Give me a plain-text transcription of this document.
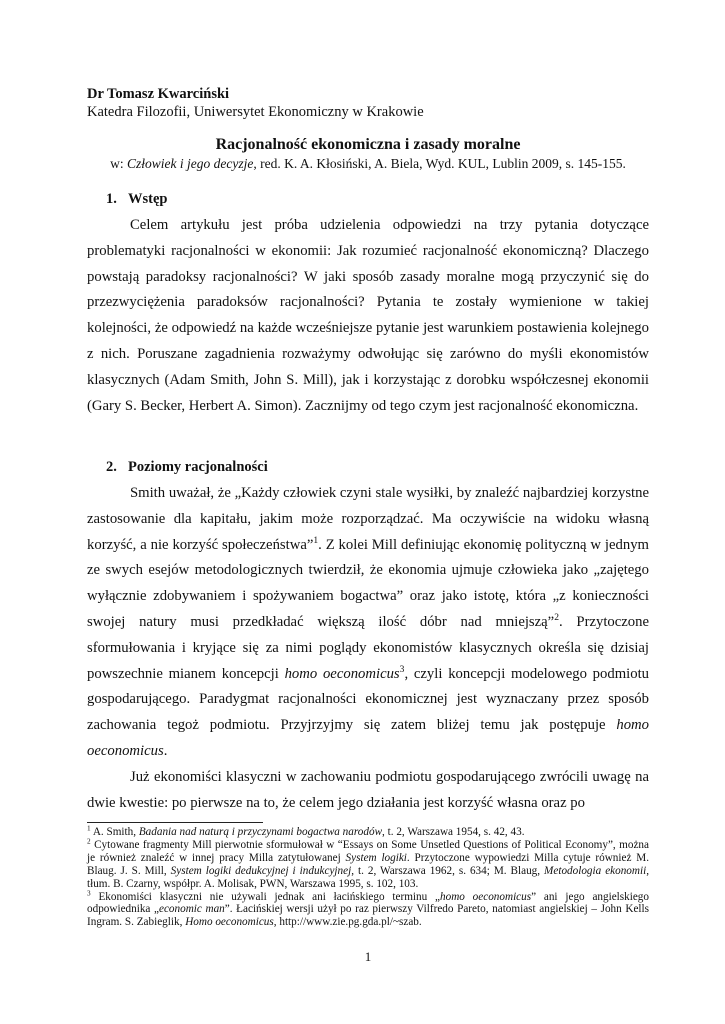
Dr Tomasz Kwarciński
Katedra Filozofii, Uniwersytet Ekonomiczny w Krakowie
Racjonalność ekonomiczna i zasady moralne
w: Człowiek i jego decyzje, red. K. A. Kłosiński, A. Biela, Wyd. KUL, Lublin 2009, s. 145-155.
1. Wstęp

Celem artykułu jest próba udzielenia odpowiedzi na trzy pytania dotyczące problematyki racjonalności w ekonomii: Jak rozumieć racjonalność ekonomiczną? Dlaczego powstają paradoksy racjonalności? W jaki sposób zasady moralne mogą przyczynić się do przezwyciężenia paradoksów racjonalności? Pytania te zostały wymienione w takiej kolejności, że odpowiedź na każde wcześniejsze pytanie jest warunkiem postawienia kolejnego z nich. Poruszane zagadnienia rozważymy odwołując się zarówno do myśli ekonomistów klasycznych (Adam Smith, John S. Mill), jak i korzystając z dorobku współczesnej ekonomii (Gary S. Becker, Herbert A. Simon). Zacznijmy od tego czym jest racjonalność ekonomiczna.

2. Poziomy racjonalności

Smith uważał, że „Każdy człowiek czyni stale wysiłki, by znaleźć najbardziej korzystne zastosowanie dla kapitału, jakim może rozporządzać. Ma oczywiście na widoku własną korzyść, a nie korzyść społeczeństwa”$^1$. Z kolei Mill definiując ekonomię polityczną w jednym ze swych esejów metodologicznych twierdził, że ekonomia ujmuje człowieka jako „zajętego wyłącznie zdobywaniem i spożywaniem bogactwa” oraz jako istotę, która „z konieczności swojej natury musi przedkładać większą ilość dóbr nad mniejszą”$^2$. Przytoczone sformułowania i kryjące się za nimi poglądy ekonomistów klasycznych określa się dzisiaj powszechnie mianem koncepcji homo oeconomicus$^3$, czyli koncepcji modelowego podmiotu gospodarującego. Paradygmat racjonalności ekonomicznej jest wyznaczany przez sposób zachowania tegoż podmiotu. Przyjrzyjmy się zatem bliżej temu jak postępuje homo oeconomicus.

Już ekonomiści klasyczni w zachowaniu podmiotu gospodarującego zwrócili uwagę na dwie kwestie: po pierwsze na to, że celem jego działania jest korzyść własna oraz po

$^1$ A. Smith, Badania nad naturą i przyczynami bogactwa narodów, t. 2, Warszawa 1954, s. 42, 43.

$^2$ Cytowane fragmenty Mill pierwotnie sformułował w “Essays on Some Unsetled Questions of Political Economy”, można je również znaleźć w innej pracy Milla zatytułowanej System logiki. Przytoczone wypowiedzi Milla cytuje również M. Blaug. J. S. Mill, System logiki dedukcyjnej i indukcyjnej, t. 2, Warszawa 1962, s. 634; M. Blaug, Metodologia ekonomii, tłum. B. Czarny, współpr. A. Molisak, PWN, Warszawa 1995, s. 102, 103.

$^3$ Ekonomiści klasyczni nie używali jednak ani łacińskiego terminu „homo oeconomicus” ani jego angielskiego odpowiednika „economic man”. Łacińskiej wersji użył po raz pierwszy Vilfredo Pareto, natomiast angielskiej – John Kells Ingram. S. Zabieglik, Homo oeconomicus, http://www.zie.pg.gda.pl/~szab.

1
